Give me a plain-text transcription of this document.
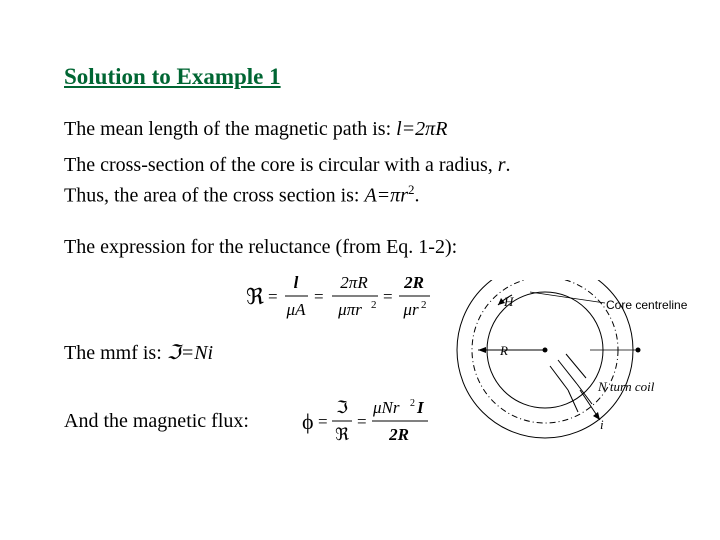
Solution to Example 1
The mean length of the magnetic path is: l=2πR
The cross-section of the core is circular with a radius, r.
Thus, the area of the cross section is: $A=\pi r^2$.
The expression for the reluctance (from Eq. 1-2):
The mmf is: ℑ=Ni
And the magnetic flux:
ℜ =
l
μA
=
2πR
μπr 2 =
2R
μr 2
ϕ =
ℑ
ℜ
=
μNr 2 I
2R
H
R
Core centreline
N turn coil
i
